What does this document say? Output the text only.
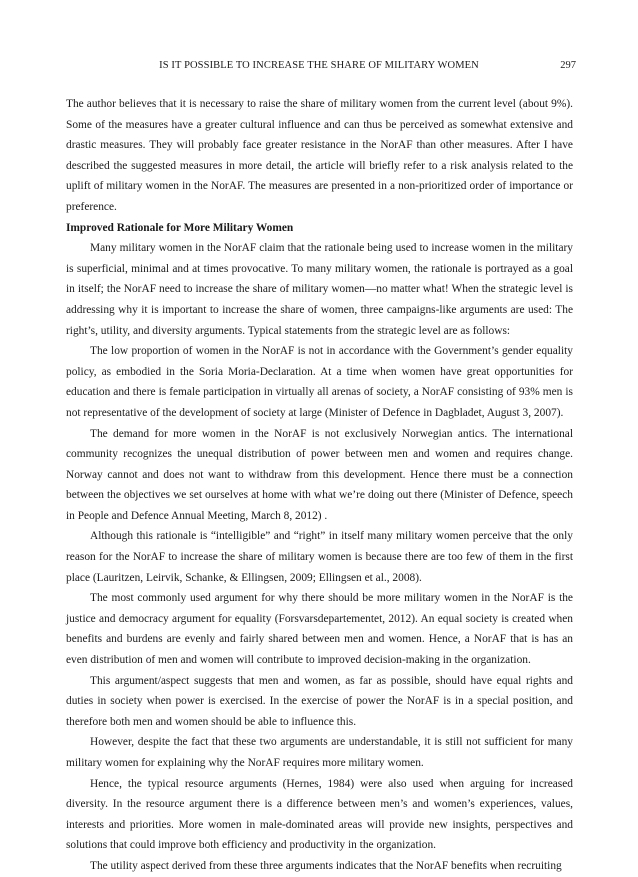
IS IT POSSIBLE TO INCREASE THE SHARE OF MILITARY WOMEN	297

The author believes that it is necessary to raise the share of military women from the current level (about 9%). Some of the measures have a greater cultural influence and can thus be perceived as somewhat extensive and drastic measures. They will probably face greater resistance in the NorAF than other measures. After I have described the suggested measures in more detail, the article will briefly refer to a risk analysis related to the uplift of military women in the NorAF. The measures are presented in a non-prioritized order of importance or preference.

Improved Rationale for More Military Women

Many military women in the NorAF claim that the rationale being used to increase women in the military is superficial, minimal and at times provocative. To many military women, the rationale is portrayed as a goal in itself; the NorAF need to increase the share of military women—no matter what! When the strategic level is addressing why it is important to increase the share of women, three campaigns-like arguments are used: The right’s, utility, and diversity arguments. Typical statements from the strategic level are as follows:

The low proportion of women in the NorAF is not in accordance with the Government’s gender equality policy, as embodied in the Soria Moria-Declaration. At a time when women have great opportunities for education and there is female participation in virtually all arenas of society, a NorAF consisting of 93% men is not representative of the development of society at large (Minister of Defence in Dagbladet, August 3, 2007).

The demand for more women in the NorAF is not exclusively Norwegian antics. The international community recognizes the unequal distribution of power between men and women and requires change. Norway cannot and does not want to withdraw from this development. Hence there must be a connection between the objectives we set ourselves at home with what we’re doing out there (Minister of Defence, speech in People and Defence Annual Meeting, March 8, 2012) .

Although this rationale is “intelligible” and “right” in itself many military women perceive that the only reason for the NorAF to increase the share of military women is because there are too few of them in the first place (Lauritzen, Leirvik, Schanke, & Ellingsen, 2009; Ellingsen et al., 2008).

The most commonly used argument for why there should be more military women in the NorAF is the justice and democracy argument for equality (Forsvarsdepartementet, 2012). An equal society is created when benefits and burdens are evenly and fairly shared between men and women. Hence, a NorAF that is has an even distribution of men and women will contribute to improved decision-making in the organization.

This argument/aspect suggests that men and women, as far as possible, should have equal rights and duties in society when power is exercised. In the exercise of power the NorAF is in a special position, and therefore both men and women should be able to influence this.

However, despite the fact that these two arguments are understandable, it is still not sufficient for many military women for explaining why the NorAF requires more military women.

Hence, the typical resource arguments (Hernes, 1984) were also used when arguing for increased diversity. In the resource argument there is a difference between men’s and women’s experiences, values, interests and priorities. More women in male-dominated areas will provide new insights, perspectives and solutions that could improve both efficiency and productivity in the organization.

The utility aspect derived from these three arguments indicates that the NorAF benefits when recruiting
